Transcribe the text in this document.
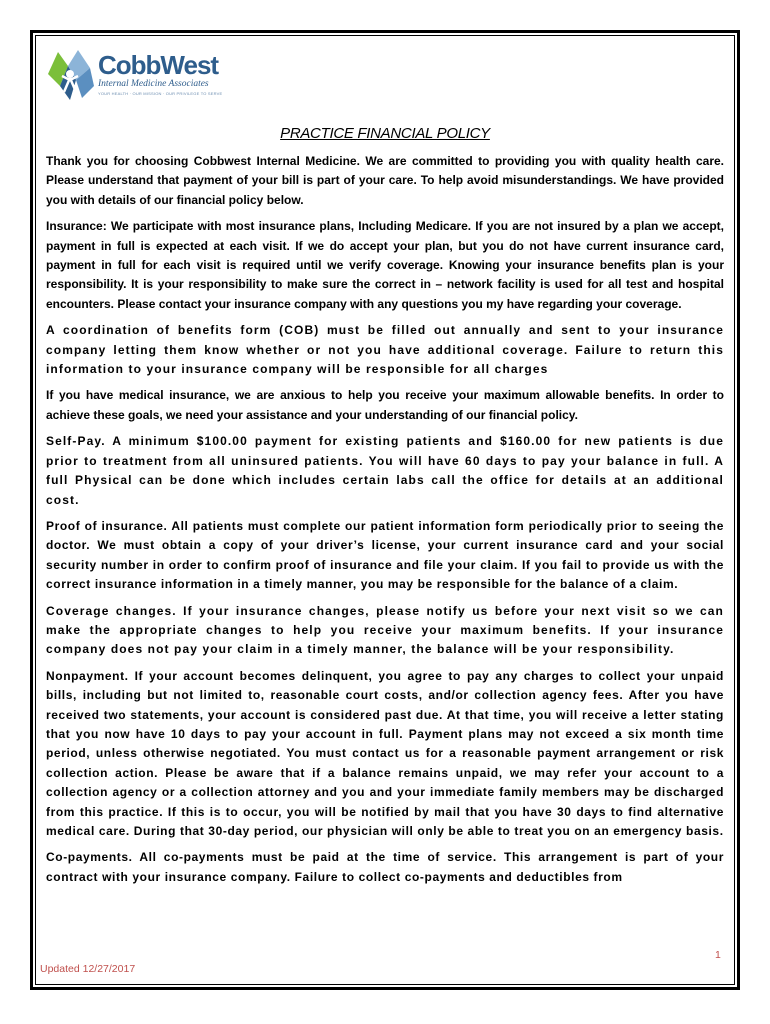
CobbWest
Internal Medicine Associates
YOUR HEALTH · OUR MISSION · OUR PRIVILEGE TO SERVE
PRACTICE FINANCIAL POLICY

Thank you for choosing Cobbwest Internal Medicine. We are committed to providing you with quality health care. Please understand that payment of your bill is part of your care. To help avoid misunderstandings. We have provided you with details of our financial policy below.

Insurance: We participate with most insurance plans, Including Medicare. If you are not insured by a plan we accept, payment in full is expected at each visit. If we do accept your plan, but you do not have current insurance card, payment in full for each visit is required until we verify coverage. Knowing your insurance benefits plan is your responsibility. It is your responsibility to make sure the correct in – network facility is used for all test and hospital encounters. Please contact your insurance company with any questions you my have regarding your coverage.

A coordination of benefits form (COB) must be filled out annually and sent to your insurance company letting them know whether or not you have additional coverage. Failure to return this information to your insurance company will be responsible for all charges

If you have medical insurance, we are anxious to help you receive your maximum allowable benefits. In order to achieve these goals, we need your assistance and your understanding of our financial policy.

Self-Pay. A minimum $100.00 payment for existing patients and $160.00 for new patients is due prior to treatment from all uninsured patients. You will have 60 days to pay your balance in full. A full Physical can be done which includes certain labs call the office for details at an additional cost.

Proof of insurance. All patients must complete our patient information form periodically prior to seeing the doctor. We must obtain a copy of your driver’s license, your current insurance card and your social security number in order to confirm proof of insurance and file your claim. If you fail to provide us with the correct insurance information in a timely manner, you may be responsible for the balance of a claim.

Coverage changes. If your insurance changes, please notify us before your next visit so we can make the appropriate changes to help you receive your maximum benefits. If your insurance company does not pay your claim in a timely manner, the balance will be your responsibility.

Nonpayment. If your account becomes delinquent, you agree to pay any charges to collect your unpaid bills, including but not limited to, reasonable court costs, and/or collection agency fees. After you have received two statements, your account is considered past due. At that time, you will receive a letter stating that you now have 10 days to pay your account in full. Payment plans may not exceed a six month time period, unless otherwise negotiated. You must contact us for a reasonable payment arrangement or risk collection action. Please be aware that if a balance remains unpaid, we may refer your account to a collection agency or a collection attorney and you and your immediate family members may be discharged from this practice. If this is to occur, you will be notified by mail that you have 30 days to find alternative medical care. During that 30-day period, our physician will only be able to treat you on an emergency basis.

Co-payments. All co-payments must be paid at the time of service. This arrangement is part of your contract with your insurance company. Failure to collect co-payments and deductibles from

1
Updated 12/27/2017
